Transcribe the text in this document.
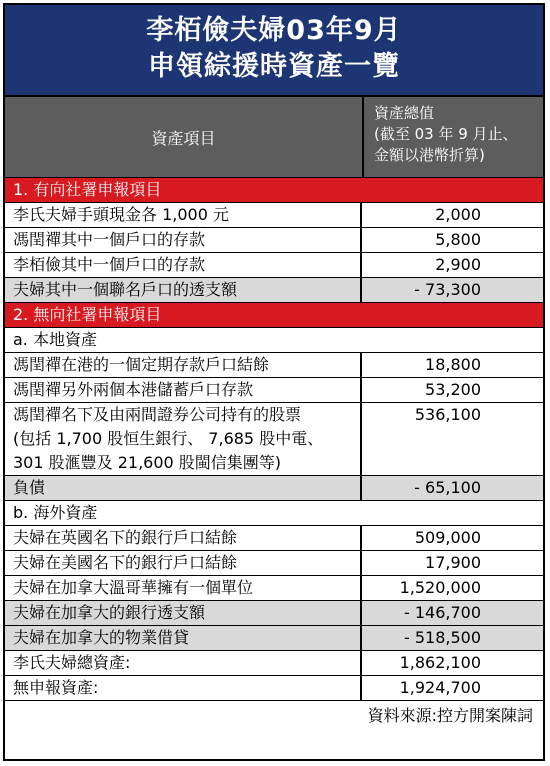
李栢儉夫婦03年9月
申領綜援時資產一覽
資產項目
資產總值
(截至 03 年 9 月止、
金額以港幣折算)
1. 有向社署申報項目
李氏夫婦手頭現金各 1,000 元	2,000
馮閏禪其中一個戶口的存款	5,800
李栢儉其中一個戶口的存款	2,900
夫婦其中一個聯名戶口的透支額	- 73,300
2. 無向社署申報項目
a. 本地資產
馮閏禪在港的一個定期存款戶口結餘	18,800
馮閏禪另外兩個本港儲蓄戶口存款	53,200
馮閏禪名下及由兩間證券公司持有的股票
(包括 1,700 股恒生銀行、 7,685 股中電、
301 股滙豐及 21,600 股閩信集團等)
536,100
負債	- 65,100
b. 海外資產
夫婦在英國名下的銀行戶口結餘	509,000
夫婦在美國名下的銀行戶口結餘	17,900
夫婦在加拿大溫哥華擁有一個單位	1,520,000
夫婦在加拿大的銀行透支額	- 146,700
夫婦在加拿大的物業借貸	- 518,500
李氏夫婦總資產:	1,862,100
無申報資產:	1,924,700
資料來源:控方開案陳詞
